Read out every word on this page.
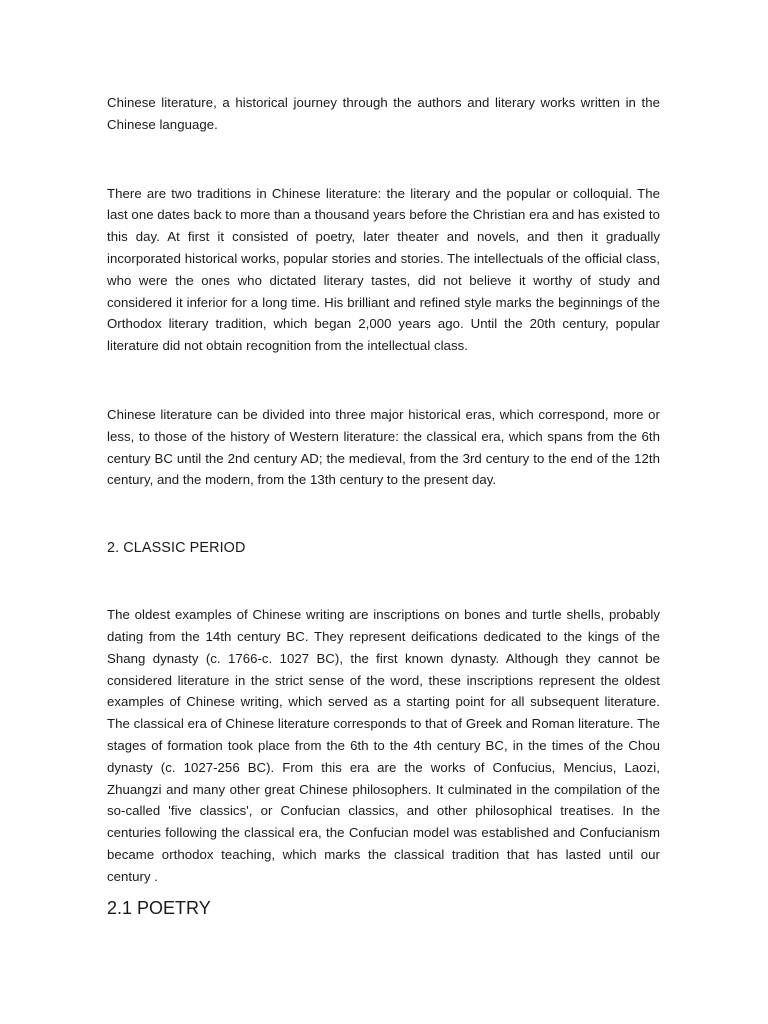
Chinese literature, a historical journey through the authors and literary works written in the Chinese language.

There are two traditions in Chinese literature: the literary and the popular or colloquial. The last one dates back to more than a thousand years before the Christian era and has existed to this day. At first it consisted of poetry, later theater and novels, and then it gradually incorporated historical works, popular stories and stories. The intellectuals of the official class, who were the ones who dictated literary tastes, did not believe it worthy of study and considered it inferior for a long time. His brilliant and refined style marks the beginnings of the Orthodox literary tradition, which began 2,000 years ago. Until the 20th century, popular literature did not obtain recognition from the intellectual class.

Chinese literature can be divided into three major historical eras, which correspond, more or less, to those of the history of Western literature: the classical era, which spans from the 6th century BC until the 2nd century AD; the medieval, from the 3rd century to the end of the 12th century, and the modern, from the 13th century to the present day.

2. CLASSIC PERIOD

The oldest examples of Chinese writing are inscriptions on bones and turtle shells, probably dating from the 14th century BC. They represent deifications dedicated to the kings of the Shang dynasty (c. 1766-c. 1027 BC), the first known dynasty. Although they cannot be considered literature in the strict sense of the word, these inscriptions represent the oldest examples of Chinese writing, which served as a starting point for all subsequent literature. The classical era of Chinese literature corresponds to that of Greek and Roman literature. The stages of formation took place from the 6th to the 4th century BC, in the times of the Chou dynasty (c. 1027-256 BC). From this era are the works of Confucius, Mencius, Laozi, Zhuangzi and many other great Chinese philosophers. It culminated in the compilation of the so-called 'five classics', or Confucian classics, and other philosophical treatises. In the centuries following the classical era, the Confucian model was established and Confucianism became orthodox teaching, which marks the classical tradition that has lasted until our century .

2.1 POETRY
